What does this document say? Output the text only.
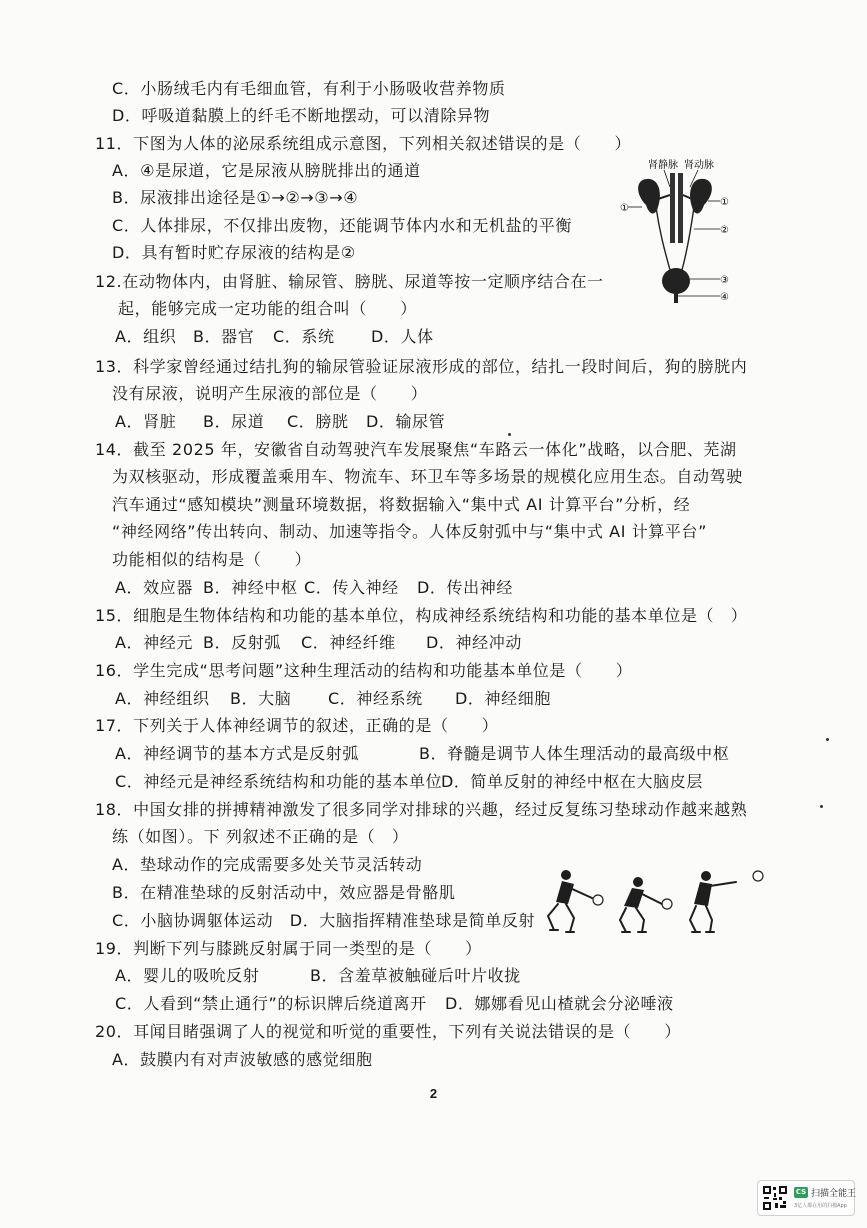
C．小肠绒毛内有毛细血管，有利于小肠吸收营养物质
D．呼吸道黏膜上的纤毛不断地摆动，可以清除异物
11．下图为人体的泌尿系统组成示意图，下列相关叙述错误的是（　　）
A．④是尿道，它是尿液从膀胱排出的通道
B．尿液排出途径是①→②→③→④
C．人体排尿，不仅排出废物，还能调节体内水和无机盐的平衡
D．具有暂时贮存尿液的结构是②
肾静脉 肾动脉
①
①
②
③
④
12.在动物体内，由肾脏、输尿管、膀胱、尿道等按一定顺序结合在一
起，能够完成一定功能的组合叫（　　）
A．组织 B．器官 C．系统 D．人体
13．科学家曾经通过结扎狗的输尿管验证尿液形成的部位，结扎一段时间后，狗的膀胱内
没有尿液，说明产生尿液的部位是（　　）
A．肾脏 B．尿道 C．膀胱 D．输尿管
14．截至 2025 年，安徽省自动驾驶汽车发展聚焦“车路云一体化”战略，以合肥、芜湖
为双核驱动，形成覆盖乘用车、物流车、环卫车等多场景的规模化应用生态。自动驾驶
汽车通过“感知模块”测量环境数据，将数据输入“集中式 AI 计算平台”分析，经
“神经网络”传出转向、制动、加速等指令。人体反射弧中与“集中式 AI 计算平台”
功能相似的结构是（　　）
A．效应器 B．神经中枢 C．传入神经 D．传出神经
15．细胞是生物体结构和功能的基本单位，构成神经系统结构和功能的基本单位是（　）
A．神经元 B．反射弧 C．神经纤维 D．神经冲动
16．学生完成“思考问题”这种生理活动的结构和功能基本单位是（　　）
A．神经组织 B．大脑 C．神经系统 D．神经细胞
17．下列关于人体神经调节的叙述，正确的是（　　）
A．神经调节的基本方式是反射弧	B．脊髓是调节人体生理活动的最高级中枢
C．神经元是神经系统结构和功能的基本单位
D．简单反射的神经中枢在大脑皮层
18．中国女排的拼搏精神激发了很多同学对排球的兴趣，经过反复练习垫球动作越来越熟
练（如图）。下 列叙述不正确的是（　）
A．垫球动作的完成需要多处关节灵活转动
B．在精准垫球的反射活动中，效应器是骨骼肌
C．小脑协调躯体运动　D．大脑指挥精准垫球是简单反射
19．判断下列与膝跳反射属于同一类型的是（　　）
A．婴儿的吸吮反射	B．含羞草被触碰后叶片收拢
C．人看到“禁止通行”的标识牌后绕道离开 D．娜娜看见山楂就会分泌唾液
20．耳闻目睹强调了人的视觉和听觉的重要性，下列有关说法错误的是（　　）
A．鼓膜内有对声波敏感的感觉细胞
2
CS 扫描全能王
3亿人都在用的扫描App
